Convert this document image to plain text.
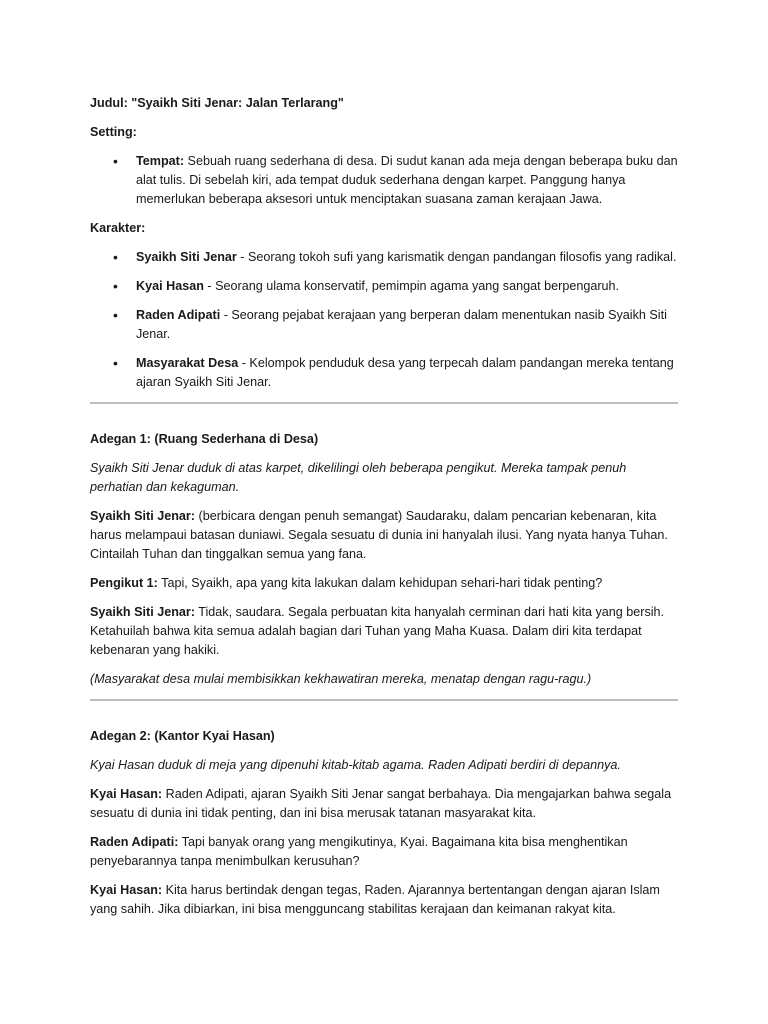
Judul: "Syaikh Siti Jenar: Jalan Terlarang"

Setting:

• Tempat: Sebuah ruang sederhana di desa. Di sudut kanan ada meja dengan beberapa buku dan alat tulis. Di sebelah kiri, ada tempat duduk sederhana dengan karpet. Panggung hanya memerlukan beberapa aksesori untuk menciptakan suasana zaman kerajaan Jawa.

Karakter:

• Syaikh Siti Jenar - Seorang tokoh sufi yang karismatik dengan pandangan filosofis yang radikal.
• Kyai Hasan - Seorang ulama konservatif, pemimpin agama yang sangat berpengaruh.
• Raden Adipati - Seorang pejabat kerajaan yang berperan dalam menentukan nasib Syaikh Siti Jenar.
• Masyarakat Desa - Kelompok penduduk desa yang terpecah dalam pandangan mereka tentang ajaran Syaikh Siti Jenar.

Adegan 1: (Ruang Sederhana di Desa)

Syaikh Siti Jenar duduk di atas karpet, dikelilingi oleh beberapa pengikut. Mereka tampak penuh perhatian dan kekaguman.

Syaikh Siti Jenar: (berbicara dengan penuh semangat) Saudaraku, dalam pencarian kebenaran, kita harus melampaui batasan duniawi. Segala sesuatu di dunia ini hanyalah ilusi. Yang nyata hanya Tuhan. Cintailah Tuhan dan tinggalkan semua yang fana.

Pengikut 1: Tapi, Syaikh, apa yang kita lakukan dalam kehidupan sehari-hari tidak penting?

Syaikh Siti Jenar: Tidak, saudara. Segala perbuatan kita hanyalah cerminan dari hati kita yang bersih. Ketahuilah bahwa kita semua adalah bagian dari Tuhan yang Maha Kuasa. Dalam diri kita terdapat kebenaran yang hakiki.

(Masyarakat desa mulai membisikkan kekhawatiran mereka, menatap dengan ragu-ragu.)

Adegan 2: (Kantor Kyai Hasan)

Kyai Hasan duduk di meja yang dipenuhi kitab-kitab agama. Raden Adipati berdiri di depannya.

Kyai Hasan: Raden Adipati, ajaran Syaikh Siti Jenar sangat berbahaya. Dia mengajarkan bahwa segala sesuatu di dunia ini tidak penting, dan ini bisa merusak tatanan masyarakat kita.

Raden Adipati: Tapi banyak orang yang mengikutinya, Kyai. Bagaimana kita bisa menghentikan penyebarannya tanpa menimbulkan kerusuhan?

Kyai Hasan: Kita harus bertindak dengan tegas, Raden. Ajarannya bertentangan dengan ajaran Islam yang sahih. Jika dibiarkan, ini bisa mengguncang stabilitas kerajaan dan keimanan rakyat kita.
